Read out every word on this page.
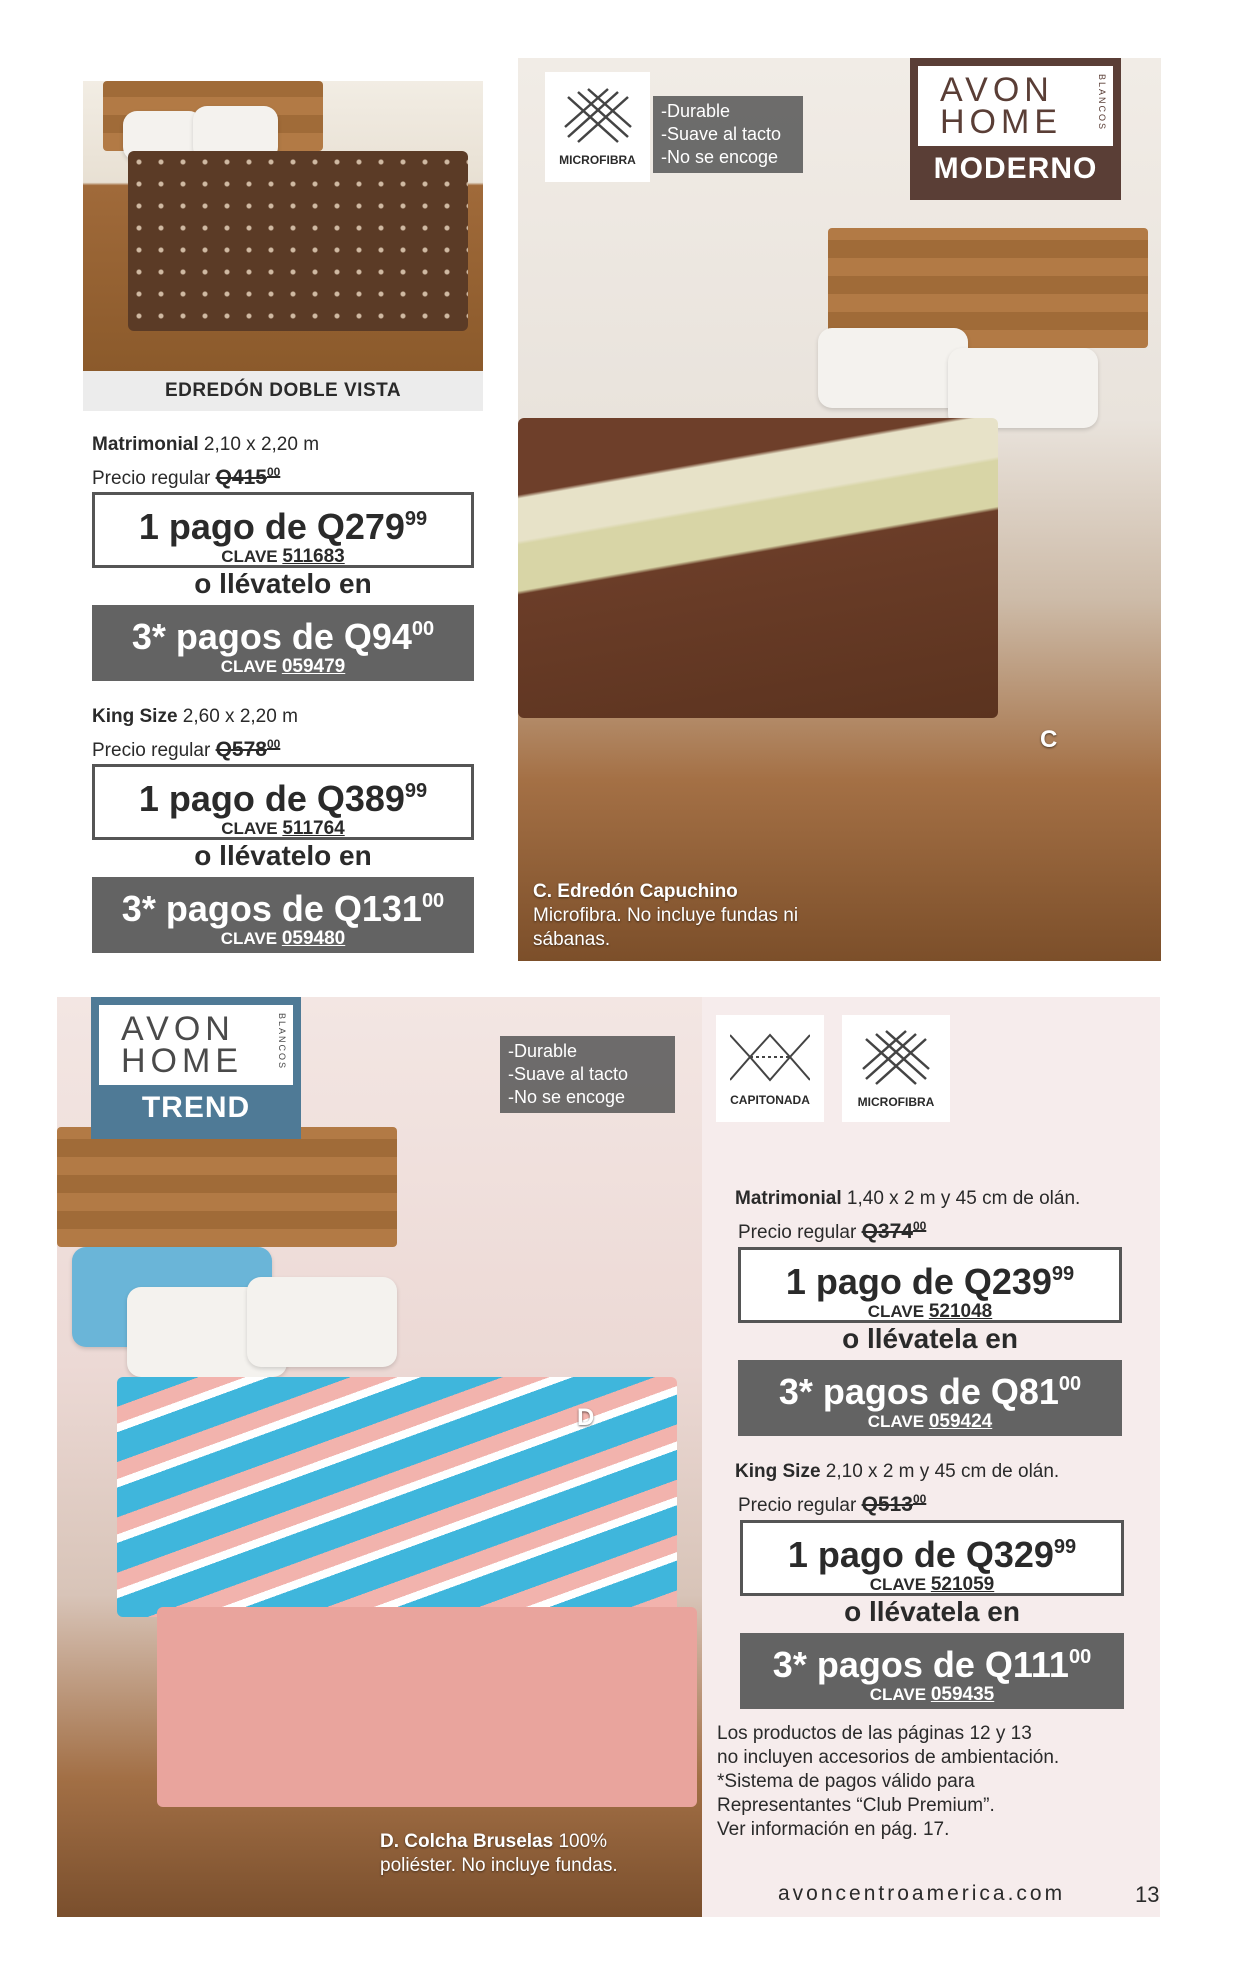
EDREDÓN DOBLE VISTA
Matrimonial 2,10 x 2,20 m
Precio regular $Q415^{00}$
1 pago de $Q279^{99}$
CLAVE 511683
o llévatelo en
3* pagos de $Q94^{00}$
CLAVE 059479
King Size 2,60 x 2,20 m
Precio regular $Q578^{00}$
1 pago de $Q389^{99}$
CLAVE 511764
o llévatelo en
3* pagos de $Q131^{00}$
CLAVE 059480
MICROFIBRA
-Durable
-Suave al tacto
-No se encoge
AVON
HOME	BLANCOS
MODERNO
C
C. Edredón Capuchino
Microfibra. No incluye fundas ni sábanas.
AVON
HOME	BLANCOS
TREND
-Durable
-Suave al tacto
-No se encoge
D
D. Colcha Bruselas 100% poliéster. No incluye fundas.
CAPITONADA	MICROFIBRA
Matrimonial 1,40 x 2 m y 45 cm de olán.
Precio regular $Q374^{00}$
1 pago de $Q239^{99}$
CLAVE 521048
o llévatela en
3* pagos de $Q81^{00}$
CLAVE 059424
King Size 2,10 x 2 m y 45 cm de olán.
Precio regular $Q513^{00}$
1 pago de $Q329^{99}$
CLAVE 521059
o llévatela en
3* pagos de $Q111^{00}$
CLAVE 059435
Los productos de las páginas 12 y 13
no incluyen accesorios de ambientación.
*Sistema de pagos válido para
Representantes “Club Premium”.
Ver información en pág. 17.
avoncentroamerica.com	13
